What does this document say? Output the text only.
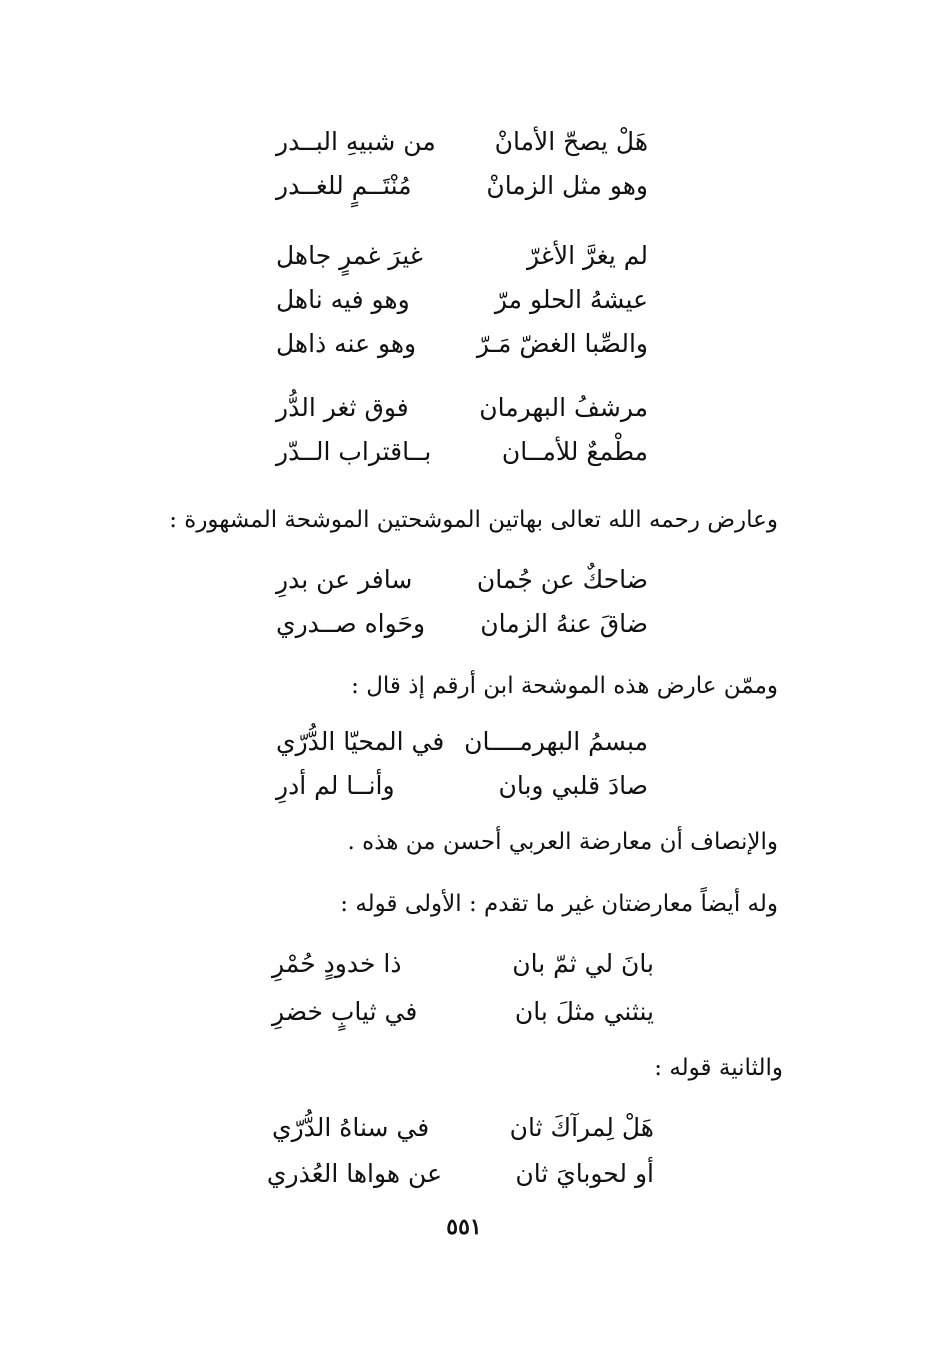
هَلْ يصحّ الأمانْ
من شبيهِ البــدر
وهو مثل الزمانْ
مُنْتَــمٍ للغــدر
لم يغرَّ الأغرّ
غيرَ غمرٍ جاهل
عيشهُ الحلو مرّ
وهو فيه ناهل
والصِّبا الغضّ مَـرّ
وهو عنه ذاهل
مرشفُ البهرمان
فوق ثغر الدُّر
مطْمعٌ للأمــان
بــاقتراب الــدّر
وعارض رحمه الله تعالى بهاتين الموشحتين الموشحة المشهورة :
ضاحكٌ عن جُمان
سافر عن بدرِ
ضاقَ عنهُ الزمان
وحَواه صــدري
وممّن عارض هذه الموشحة ابن أرقم إذ قال :
مبسمُ البهرمــــان
في المحيّا الدُّرّي
صادَ قلبي وبان
وأنــا لم أدرِ
والإنصاف أن معارضة العربي أحسن من هذه .
وله أيضاً معارضتان غير ما تقدم : الأولى قوله :
بانَ لي ثمّ بان
ذا خدودٍ حُمْرِ
ينثني مثلَ بان
في ثيابٍ خضرِ
والثانية قوله :
هَلْ لِمرآكَ ثان
في سناهُ الدُّرّي
أو لحوبايَ ثان
عن هواها العُذري
٥٥١
